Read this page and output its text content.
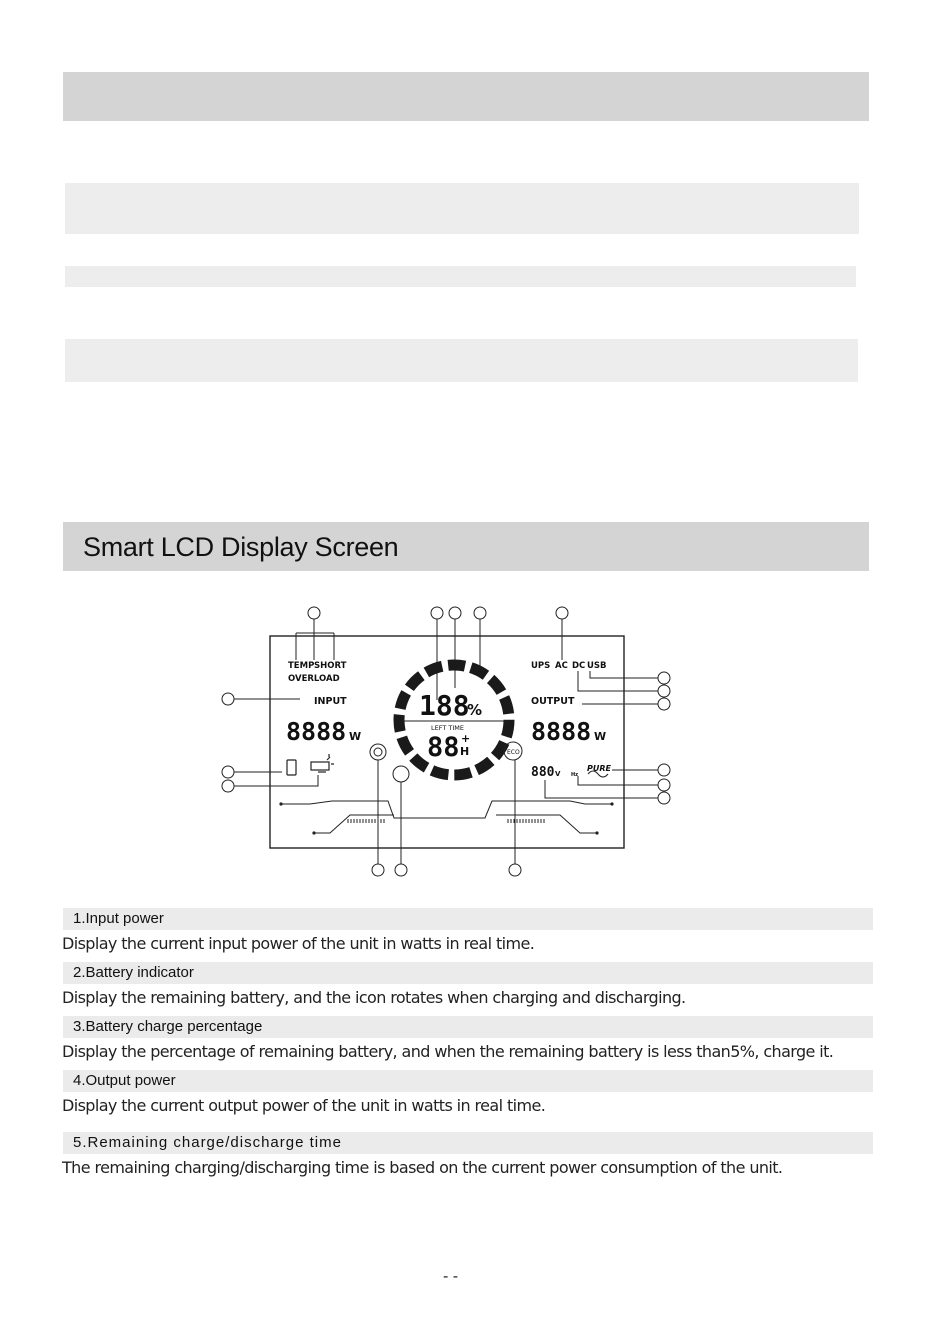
Smart LCD Display Screen
TEMP SHORT
OVERLOAD
INPUT	OUTPUT
UPS AC DC USB
8888 W	8888 W
188
%
LEFT TIME
88 +
H	ECO
880 V
PURE
Hz
1.Input power
Display the current input power of the unit in watts in real time.
2.Battery indicator
Display the remaining battery, and the icon rotates when charging and discharging.
3.Battery charge percentage
Display the percentage of remaining battery, and when the remaining battery is less than5%, charge it.
4.Output power
Display the current output power of the unit in watts in real time.
5.Remaining charge/discharge time
The remaining charging/discharging time is based on the current power consumption of the unit.
- -
